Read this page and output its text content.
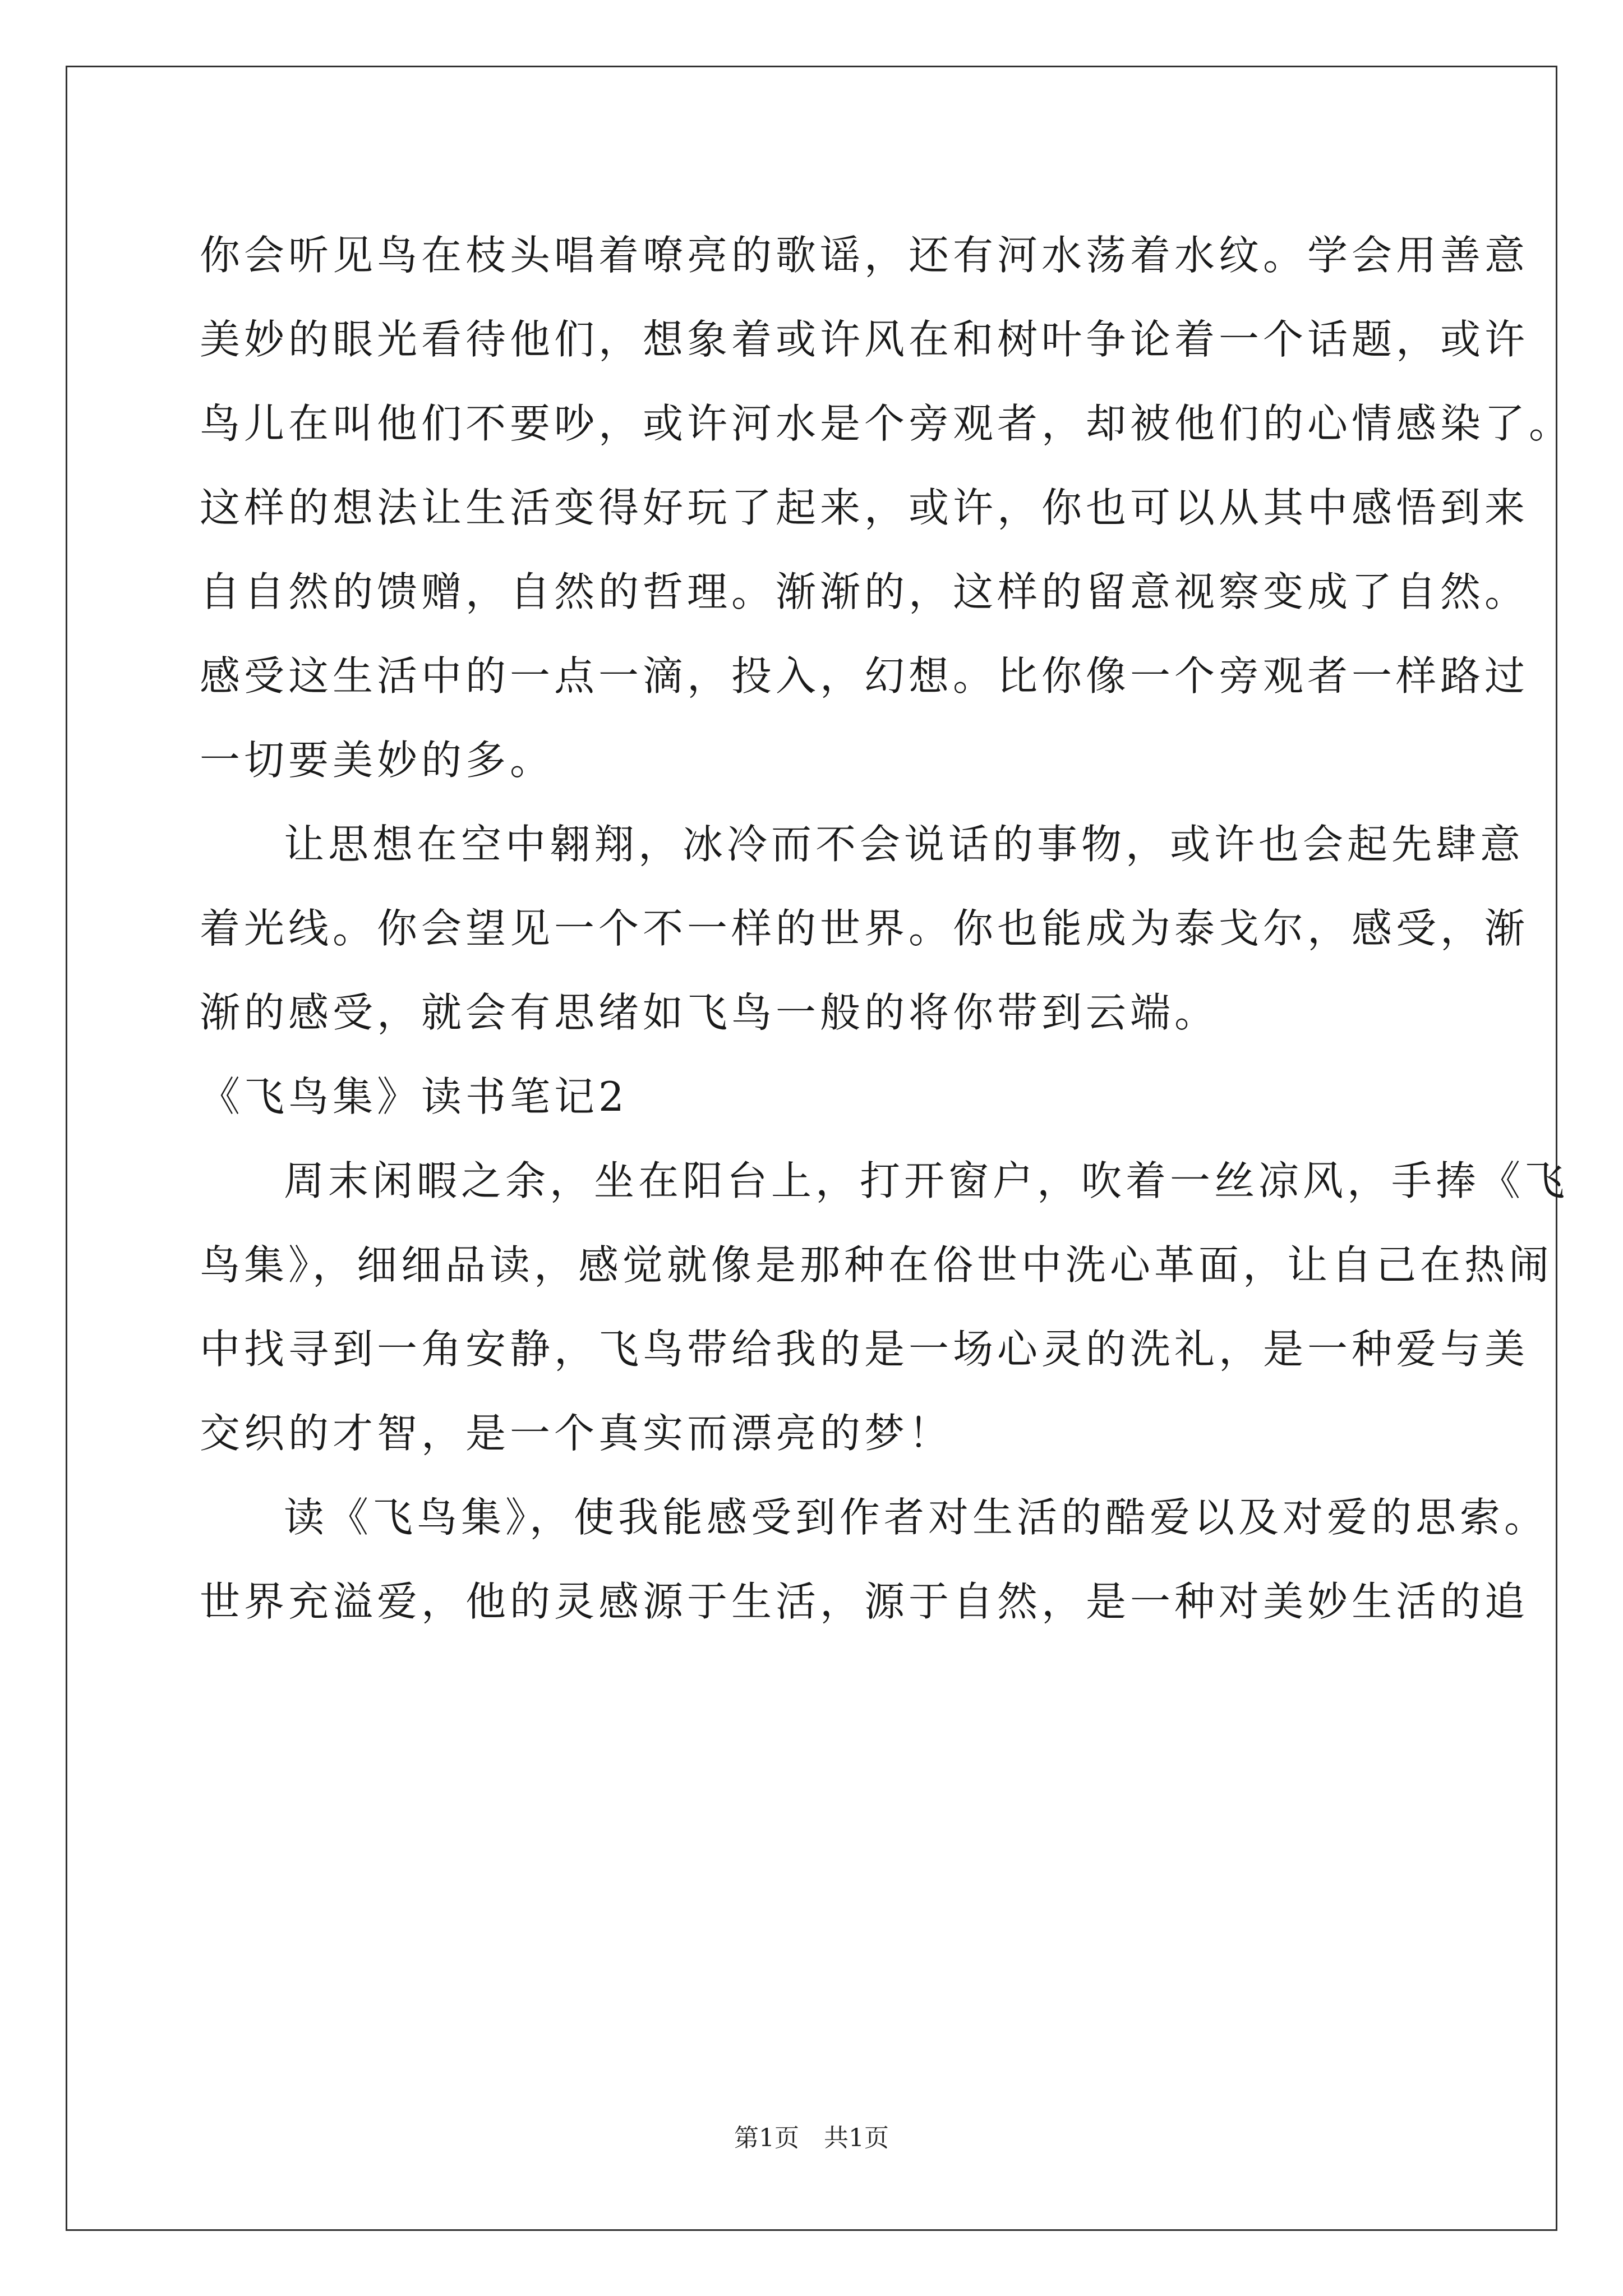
你会听见鸟在枝头唱着嘹亮的歌谣，还有河水荡着水纹。学会用善意
美妙的眼光看待他们，想象着或许风在和树叶争论着一个话题，或许
鸟儿在叫他们不要吵，或许河水是个旁观者，却被他们的心情感染了。
这样的想法让生活变得好玩了起来，或许，你也可以从其中感悟到来
自自然的馈赠，自然的哲理。渐渐的，这样的留意视察变成了自然。
感受这生活中的一点一滴，投入，幻想。比你像一个旁观者一样路过
一切要美妙的多。
让思想在空中翱翔，冰冷而不会说话的事物，或许也会起先肆意
着光线。你会望见一个不一样的世界。你也能成为泰戈尔，感受，渐
渐的感受，就会有思绪如飞鸟一般的将你带到云端。
《飞鸟集》读书笔记2
周末闲暇之余，坐在阳台上，打开窗户，吹着一丝凉风，手捧《飞
鸟集》，细细品读，感觉就像是那种在俗世中洗心革面，让自己在热闹
中找寻到一角安静，飞鸟带给我的是一场心灵的洗礼，是一种爱与美
交织的才智，是一个真实而漂亮的梦！
读《飞鸟集》，使我能感受到作者对生活的酷爱以及对爱的思索。
世界充溢爱，他的灵感源于生活，源于自然，是一种对美妙生活的追
第1页　共1页
